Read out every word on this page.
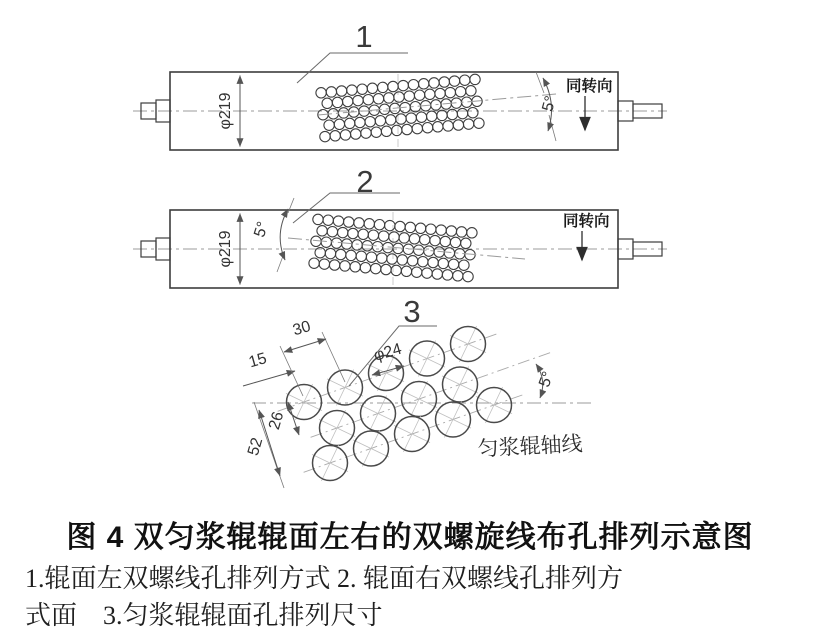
φ219
1
5°
同转向
φ219
2
5°	同转向
3
15
30
φ24
26
52
5°
匀浆辊轴线
图 4 双匀浆辊辊面左右的双螺旋线布孔排列示意图
1.辊面左双螺线孔排列方式 2. 辊面右双螺线孔排列方
式面　3.匀浆辊辊面孔排列尺寸
